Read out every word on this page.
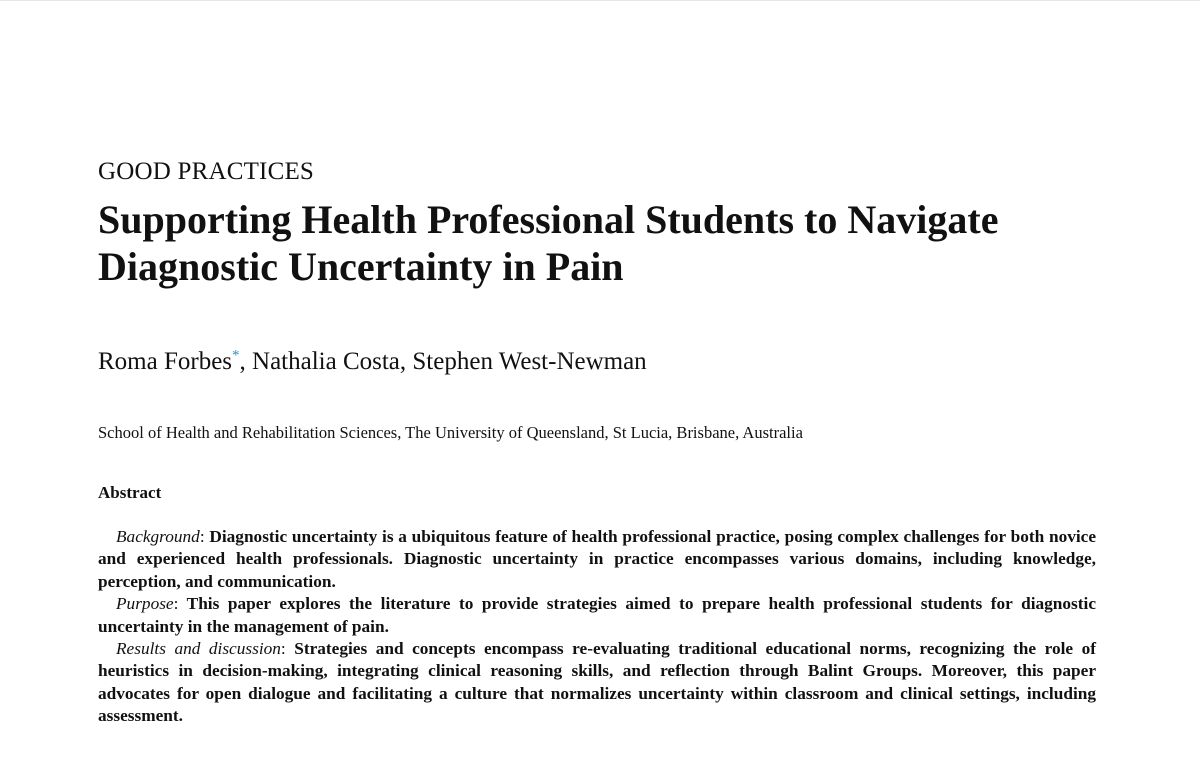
GOOD PRACTICES
Supporting Health Professional Students to Navigate
Diagnostic Uncertainty in Pain
Roma Forbes*, Nathalia Costa, Stephen West-Newman
School of Health and Rehabilitation Sciences, The University of Queensland, St Lucia, Brisbane, Australia
Abstract

Background: Diagnostic uncertainty is a ubiquitous feature of health professional practice, posing complex challenges for both novice and experienced health professionals. Diagnostic uncertainty in practice encompasses various domains, including knowledge, perception, and communication.

Purpose: This paper explores the literature to provide strategies aimed to prepare health professional students for diagnostic uncertainty in the management of pain.

Results and discussion: Strategies and concepts encompass re-evaluating traditional educational norms, recognizing the role of heuristics in decision-making, integrating clinical reasoning skills, and reflection through Balint Groups. Moreover, this paper advocates for open dialogue and facilitating a culture that normalizes uncertainty within classroom and clinical settings, including assessment.
